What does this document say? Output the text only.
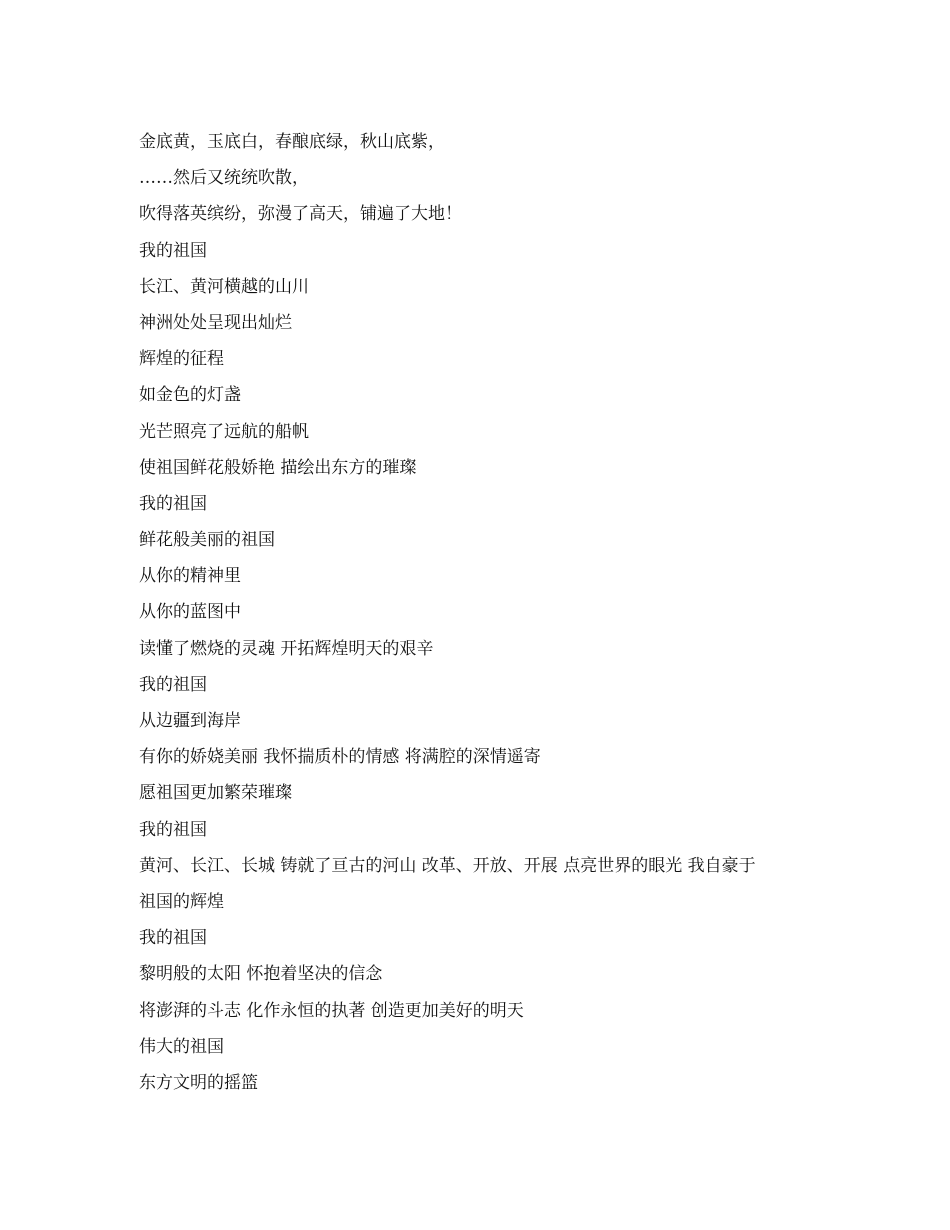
金底黄，玉底白，春酿底绿，秋山底紫，
……然后又统统吹散，
吹得落英缤纷，弥漫了高天，铺遍了大地！
我的祖国
长江、黄河横越的山川
神洲处处呈现出灿烂
辉煌的征程
如金色的灯盏
光芒照亮了远航的船帆
使祖国鲜花般娇艳 描绘出东方的璀璨
我的祖国
鲜花般美丽的祖国
从你的精神里
从你的蓝图中
读懂了燃烧的灵魂 开拓辉煌明天的艰辛
我的祖国
从边疆到海岸
有你的娇娆美丽 我怀揣质朴的情感 将满腔的深情遥寄
愿祖国更加繁荣璀璨
我的祖国
黄河、长江、长城 铸就了亘古的河山 改革、开放、开展 点亮世界的眼光 我自豪于
祖国的辉煌
我的祖国
黎明般的太阳 怀抱着坚决的信念
将澎湃的斗志 化作永恒的执著 创造更加美好的明天
伟大的祖国
东方文明的摇篮
